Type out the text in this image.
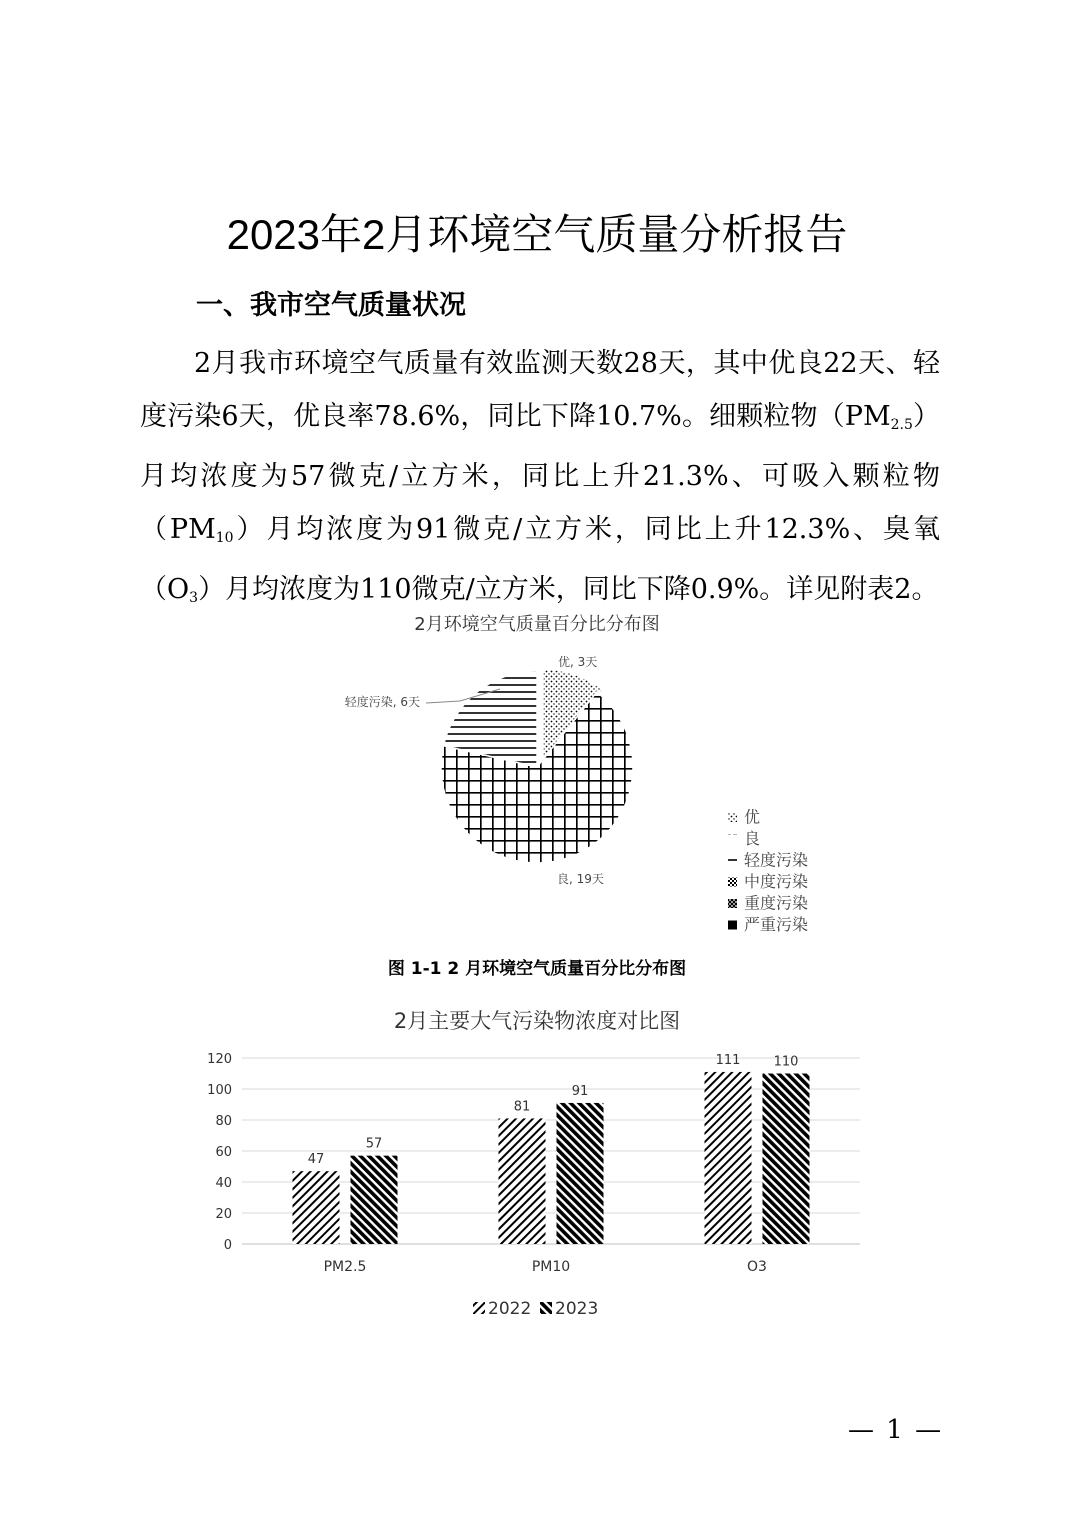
2023年2月环境空气质量分析报告
一、我市空气质量状况
2月我市环境空气质量有效监测天数28天，其中优良22天、轻度污染6天，优良率78.6%，同比下降10.7%。细颗粒物$(PM_{2.5})$月均浓度为57微克/立方米，同比上升21.3%、可吸入颗粒物$(PM_{10})$月均浓度为91微克/立方米，同比上升12.3%、臭氧$(O_3)$月均浓度为110微克/立方米，同比下降0.9%。详见附表2。
2月环境空气质量百分比分布图
优, 3天
良, 19天
轻度污染, 6天
优
良
轻度污染
中度污染
重度污染
严重污染
图 1-1 2 月环境空气质量百分比分布图
2月主要大气污染物浓度对比图
0
20
40
60
80
100
120
47
57
81
91
111	110
PM2.5	PM10	O3
2022 2023
— 1 —
